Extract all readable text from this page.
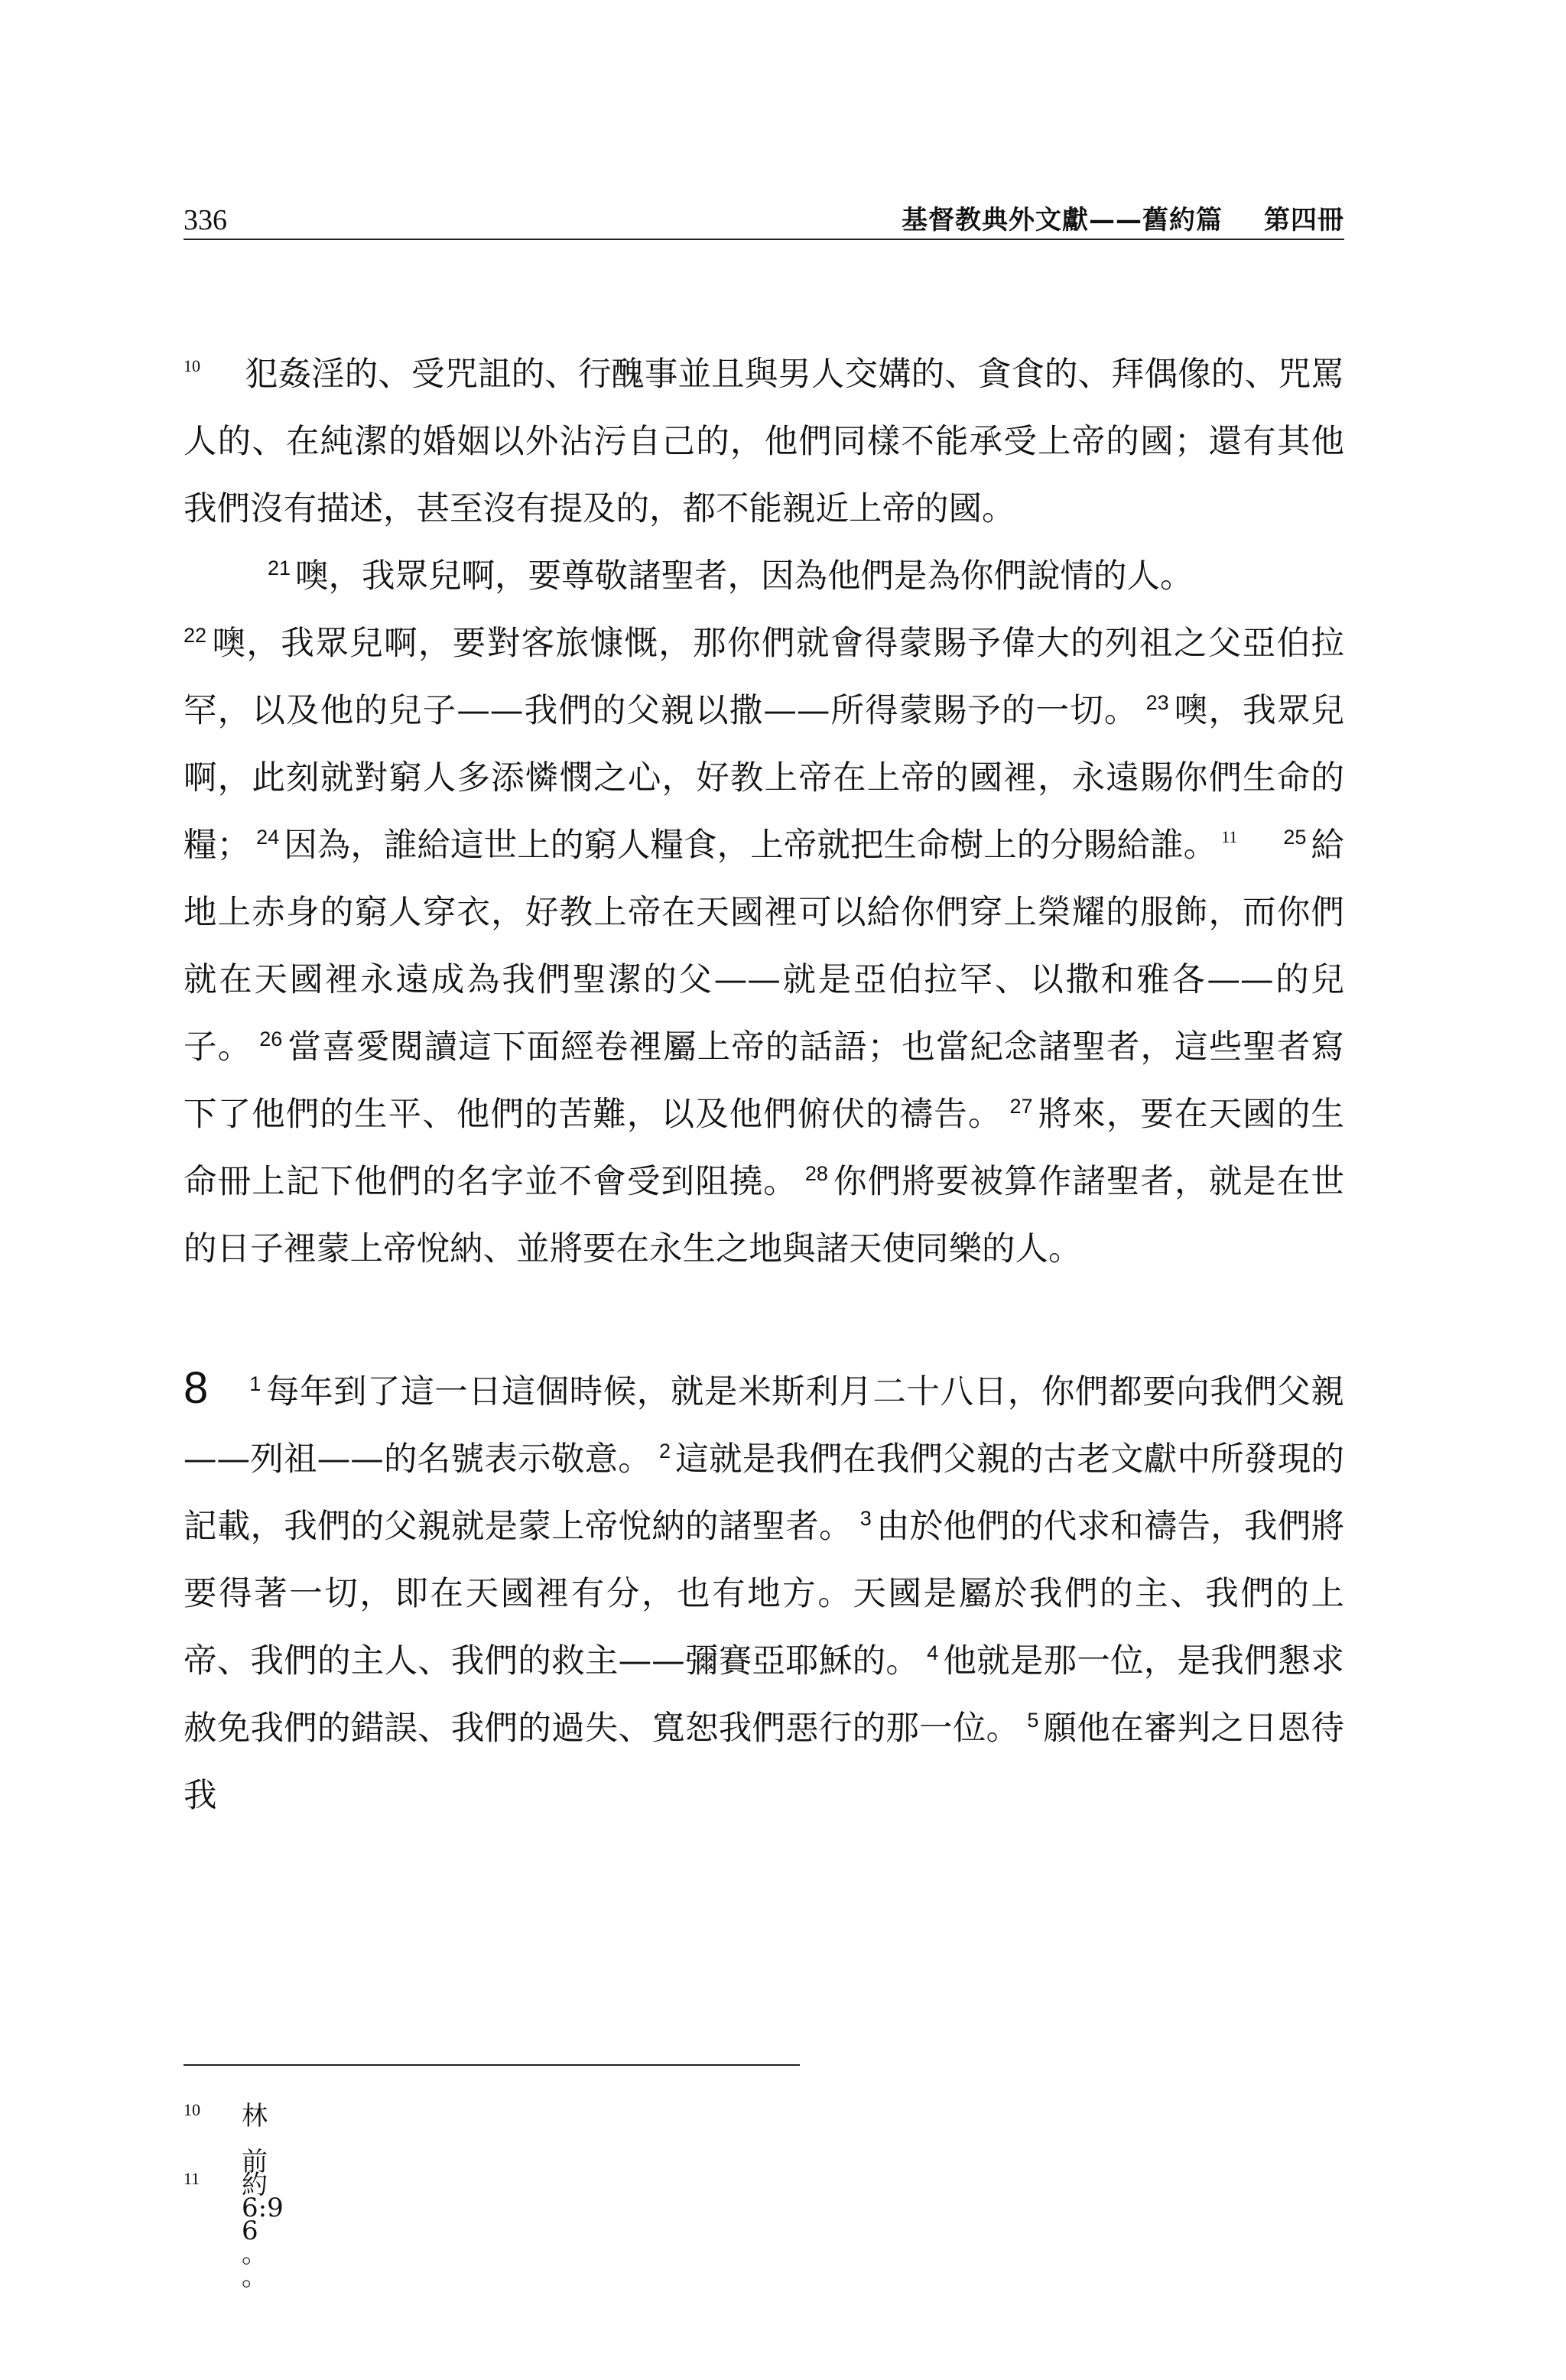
336	基督教典外文獻——舊約篇 第四冊

$^{10}$ 犯姦淫的、受咒詛的、行醜事並且與男人交媾的、貪食的、拜偶像的、咒罵人的、在純潔的婚姻以外沾污自己的，他們同樣不能承受上帝的國；還有其他我們沒有描述，甚至沒有提及的，都不能親近上帝的國。

$^{21}$ 噢，我眾兒啊，要尊敬諸聖者，因為他們是為你們說情的人。
$^{22}$ 噢，我眾兒啊，要對客旅慷慨，那你們就會得蒙賜予偉大的列祖之父亞伯拉罕，以及他的兒子——我們的父親以撒——所得蒙賜予的一切。 $^{23}$ 噢，我眾兒啊，此刻就對窮人多添憐憫之心，好教上帝在上帝的國裡，永遠賜你們生命的糧； $^{24}$ 因為，誰給這世上的窮人糧食，上帝就把生命樹上的分賜給誰。 $^{11}$ $^{25}$ 給地上赤身的窮人穿衣，好教上帝在天國裡可以給你們穿上榮耀的服飾，而你們就在天國裡永遠成為我們聖潔的父——就是亞伯拉罕、以撒和雅各——的兒子。 $^{26}$ 當喜愛閱讀這下面經卷裡屬上帝的話語；也當紀念諸聖者，這些聖者寫下了他們的生平、他們的苦難，以及他們俯伏的禱告。 $^{27}$ 將來，要在天國的生命冊上記下他們的名字並不會受到阻撓。 $^{28}$ 你們將要被算作諸聖者，就是在世的日子裡蒙上帝悅納、並將要在永生之地與諸天使同樂的人。

8 $^1$ 每年到了這一日這個時候，就是米斯利月二十八日，你們都要向我們父親——列祖——的名號表示敬意。 $^2$ 這就是我們在我們父親的古老文獻中所發現的記載，我們的父親就是蒙上帝悅納的諸聖者。 $^3$ 由於他們的代求和禱告，我們將要得著一切，即在天國裡有分，也有地方。天國是屬於我們的主、我們的上帝、我們的主人、我們的救主——彌賽亞耶穌的。 $^4$ 他就是那一位，是我們懇求赦免我們的錯誤、我們的過失、寬恕我們惡行的那一位。 $^5$ 願他在審判之日恩待我

10 林前 6:9 。
11 約 6 。
